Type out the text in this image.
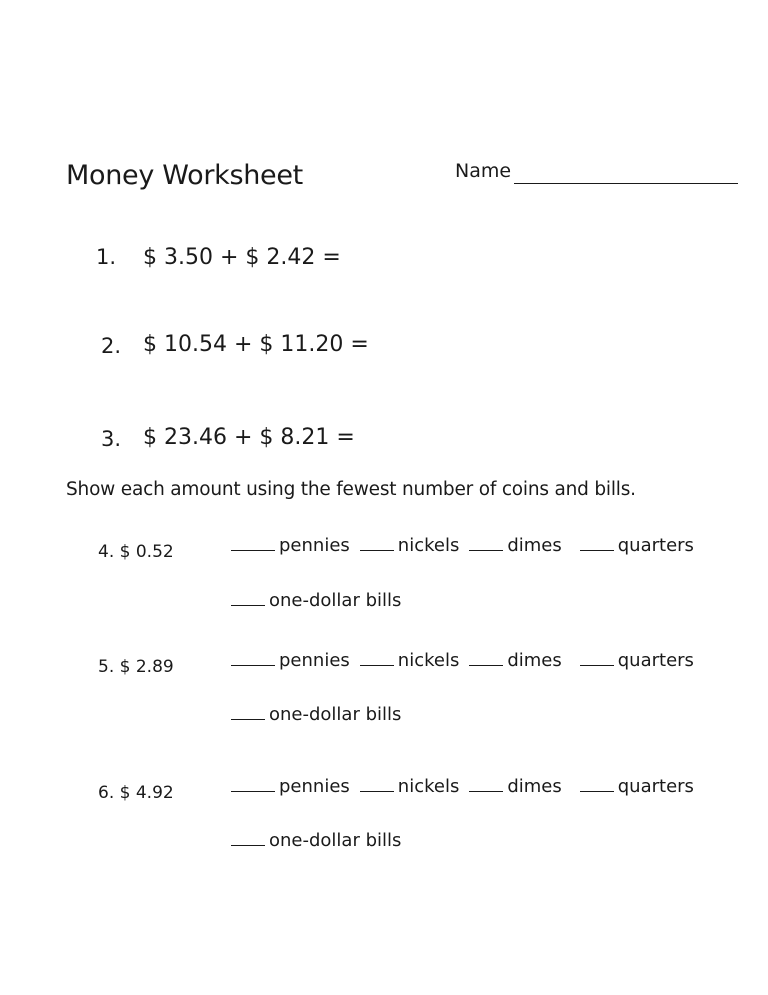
Money Worksheet	Name
1. $ 3.50 + $ 2.42 =
2. $ 10.54 + $ 11.20 =
3. $ 23.46 + $ 8.21 =
Show each amount using the fewest number of coins and bills.
4. $ 0.52	pennies	nickels	dimes	quarters
one-dollar bills
5. $ 2.89	pennies	nickels	dimes	quarters
one-dollar bills
6. $ 4.92	pennies	nickels	dimes	quarters
one-dollar bills
